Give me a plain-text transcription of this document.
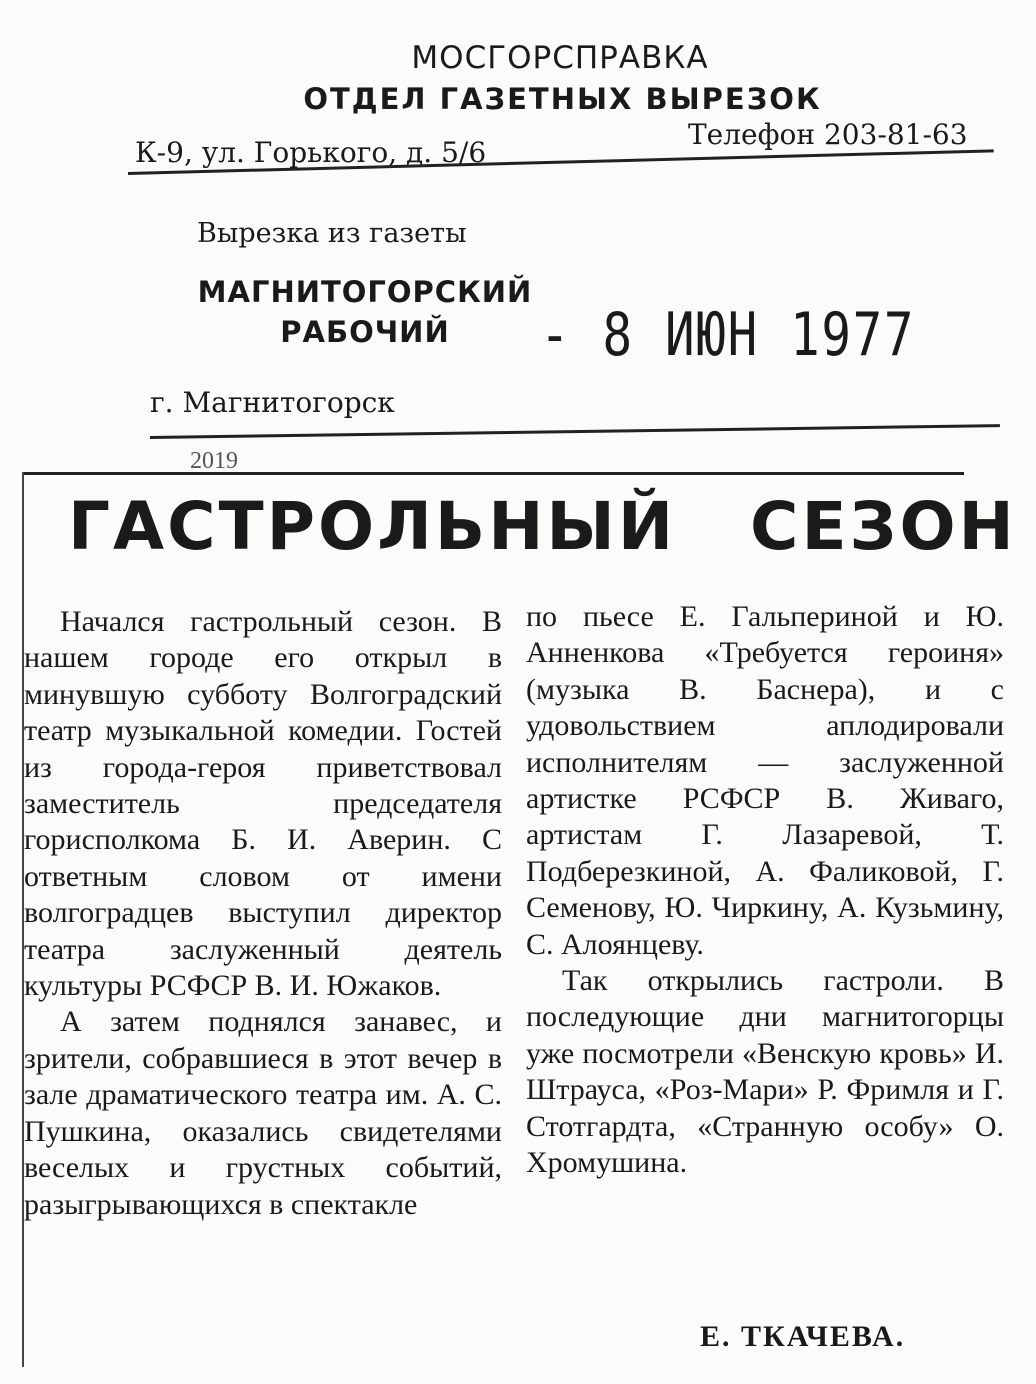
МОСГОРСПРАВКА
ОТДЕЛ ГАЗЕТНЫХ ВЫРЕЗОК
К-9, ул. Горького, д. 5/6
Телефон 203-81-63
Вырезка из газеты
МАГНИТОГОРСКИЙ РАБОЧИЙ	- 8 ИЮН 1977
г. Магнитогорск
2019
ГАСТРОЛЬНЫЙ СЕЗОН

Начался гастрольный сезон. В нашем городе его открыл в минувшую субботу Волгоградский театр музыкальной комедии. Гостей из города-героя приветствовал заместитель председателя горисполкома Б. И. Аверин. С ответным словом от имени волгоградцев выступил директор театра заслуженный деятель культуры РСФСР В. И. Южаков.

А затем поднялся занавес, и зрители, собравшиеся в этот вечер в зале драматического театра им. А. С. Пушкина, оказались свидетелями веселых и грустных событий, разыгрывающихся в спектакле

по пьесе Е. Гальпериной и Ю. Анненкова «Требуется героиня» (музыка В. Баснера), и с удовольствием аплодировали исполнителям — заслуженной артистке РСФСР В. Живаго, артистам Г. Лазаревой, Т. Подберезкиной, А. Фаликовой, Г. Семенову, Ю. Чиркину, А. Кузьмину, С. Алоянцеву.

Так открылись гастроли. В последующие дни магнитогорцы уже посмотрели «Венскую кровь» И. Штрауса, «Роз-Мари» Р. Фримля и Г. Стотгардта, «Странную особу» О. Хромушина.

Е. ТКАЧЕВА.
